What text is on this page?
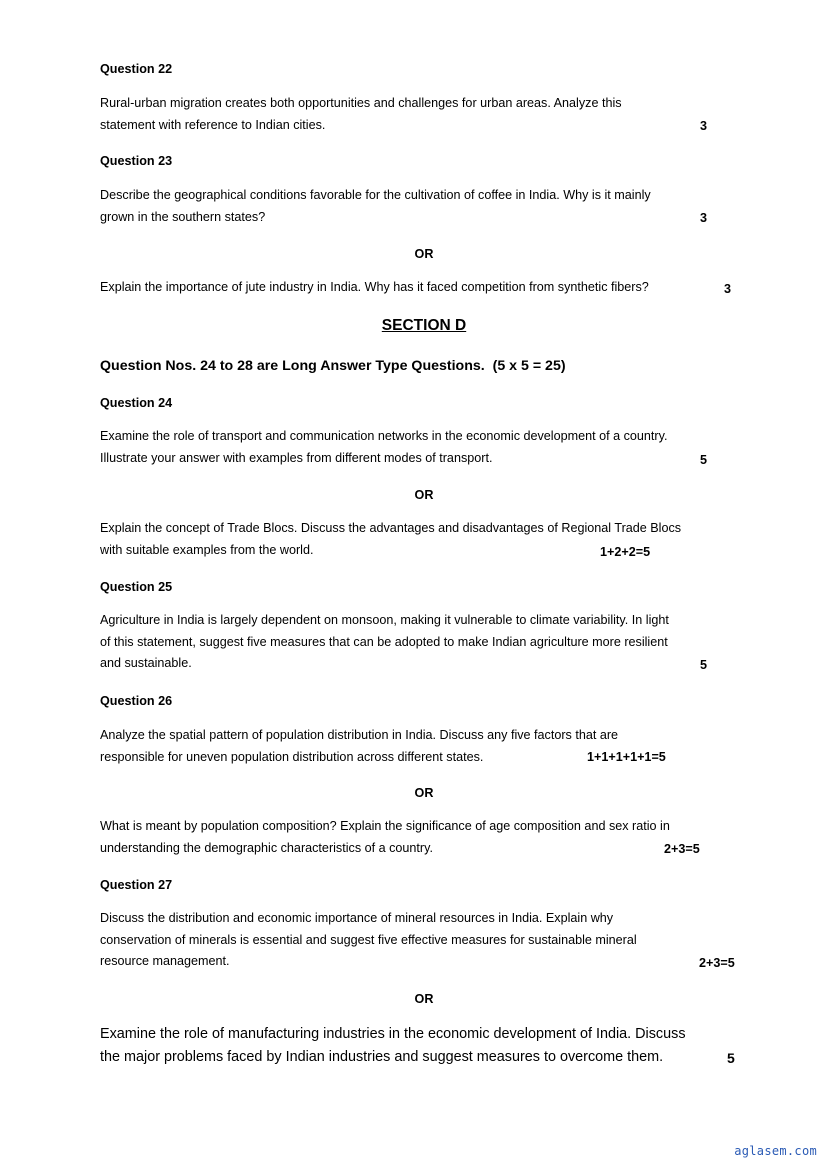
Question 22
Rural-urban migration creates both opportunities and challenges for urban areas. Analyze this
statement with reference to Indian cities.	3
Question 23
Describe the geographical conditions favorable for the cultivation of coffee in India. Why is it mainly
grown in the southern states?	3
OR
Explain the importance of jute industry in India. Why has it faced competition from synthetic fibers?	3
SECTION D
Question Nos. 24 to 28 are Long Answer Type Questions.  (5 x 5 = 25)
Question 24
Examine the role of transport and communication networks in the economic development of a country.
Illustrate your answer with examples from different modes of transport.	5
OR
Explain the concept of Trade Blocs. Discuss the advantages and disadvantages of Regional Trade Blocs
with suitable examples from the world.	1+2+2=5
Question 25
Agriculture in India is largely dependent on monsoon, making it vulnerable to climate variability. In light
of this statement, suggest five measures that can be adopted to make Indian agriculture more resilient
and sustainable.	5
Question 26
Analyze the spatial pattern of population distribution in India. Discuss any five factors that are
responsible for uneven population distribution across different states.	1+1+1+1+1=5
OR
What is meant by population composition? Explain the significance of age composition and sex ratio in
understanding the demographic characteristics of a country.	2+3=5
Question 27
Discuss the distribution and economic importance of mineral resources in India. Explain why
conservation of minerals is essential and suggest five effective measures for sustainable mineral
resource management.	2+3=5
OR
Examine the role of manufacturing industries in the economic development of India. Discuss
the major problems faced by Indian industries and suggest measures to overcome them.	5
aglasem.com
